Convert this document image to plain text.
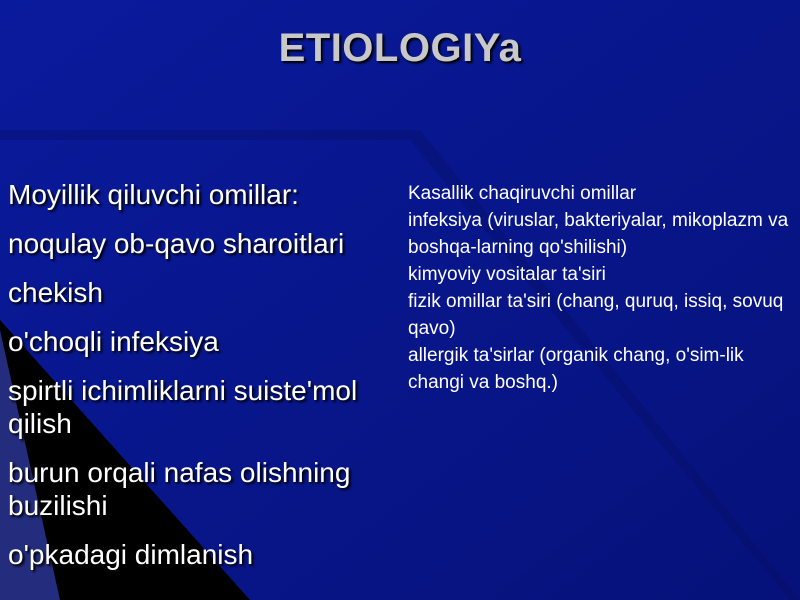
ETIOLOGIYa
Moyillik qiluvchi omillar:
noqulay ob-qavo sharoitlari
chekish
o'choqli infeksiya
spirtli ichimliklarni suiste'mol qilish
burun orqali nafas olishning buzilishi
o'pkadagi dimlanish
Kasallik chaqiruvchi omillar
infeksiya (viruslar, bakteriyalar, mikoplazm va boshqa-larning qo'shilishi)
kimyoviy vositalar ta'siri
fizik omillar ta'siri (chang, quruq, issiq, sovuq qavo)
allergik ta'sirlar (organik chang, o'sim-lik changi va boshq.)
